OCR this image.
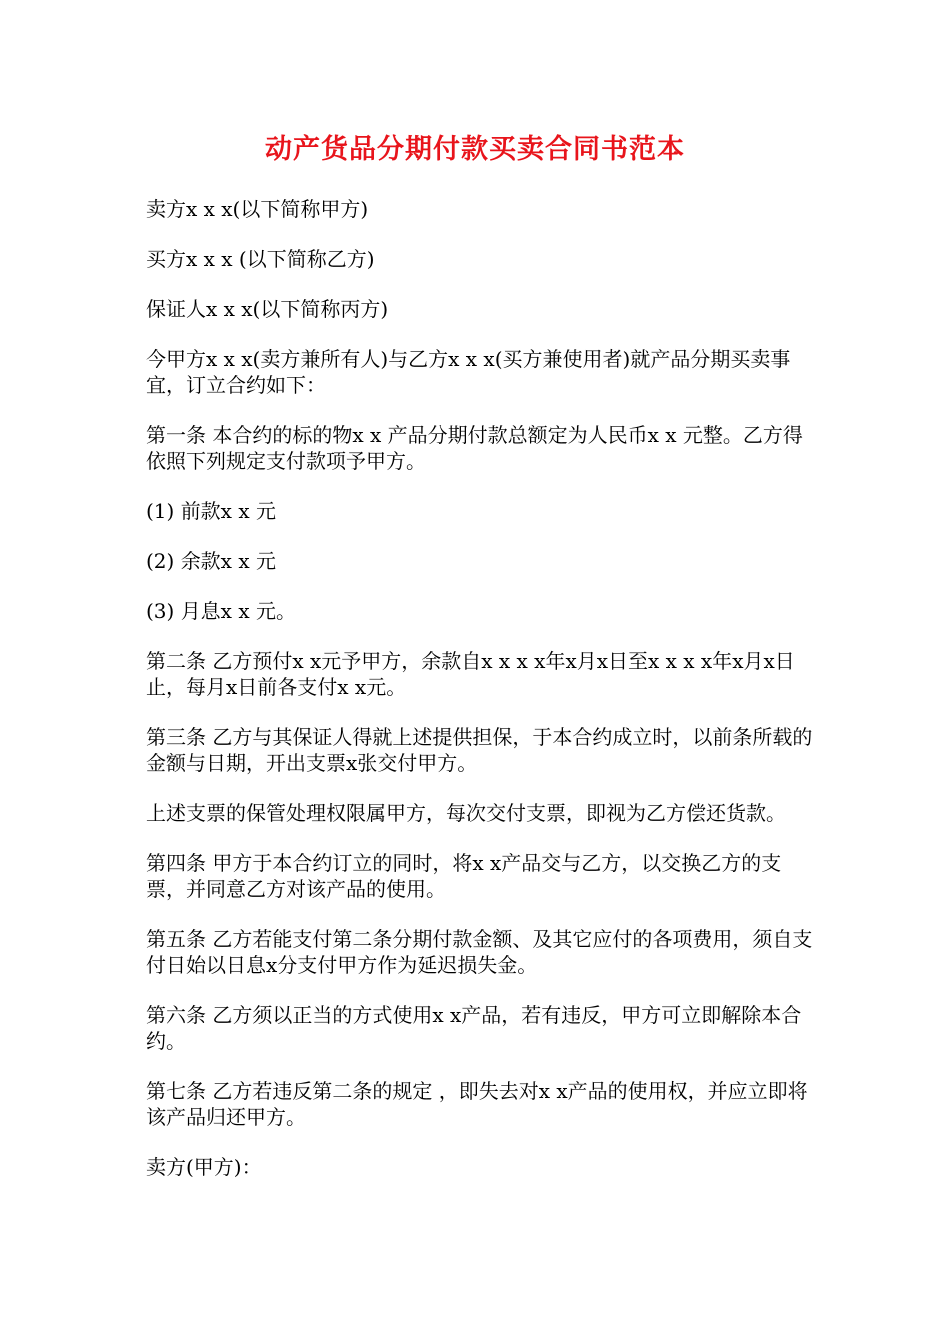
动产货品分期付款买卖合同书范本

卖方x x x(以下简称甲方)

买方x x x (以下简称乙方)

保证人x x x(以下简称丙方)

今甲方x x x(卖方兼所有人)与乙方x x x(买方兼使用者)就产品分期买卖事宜，订立合约如下：

第一条 本合约的标的物x x 产品分期付款总额定为人民币x x 元整。乙方得依照下列规定支付款项予甲方。

(1) 前款x x 元

(2) 余款x x 元

(3) 月息x x 元。

第二条 乙方预付x x元予甲方，余款自x x x x年x月x日至x x x x年x月x日止，每月x日前各支付x x元。

第三条 乙方与其保证人得就上述提供担保，于本合约成立时，以前条所载的金额与日期，开出支票x张交付甲方。

上述支票的保管处理权限属甲方，每次交付支票，即视为乙方偿还货款。

第四条 甲方于本合约订立的同时，将x x产品交与乙方，以交换乙方的支票，并同意乙方对该产品的使用。

第五条 乙方若能支付第二条分期付款金额、及其它应付的各项费用，须自支付日始以日息x分支付甲方作为延迟损失金。

第六条 乙方须以正当的方式使用x x产品，若有违反，甲方可立即解除本合约。

第七条 乙方若违反第二条的规定 ，即失去对x x产品的使用权，并应立即将该产品归还甲方。

卖方(甲方)：
